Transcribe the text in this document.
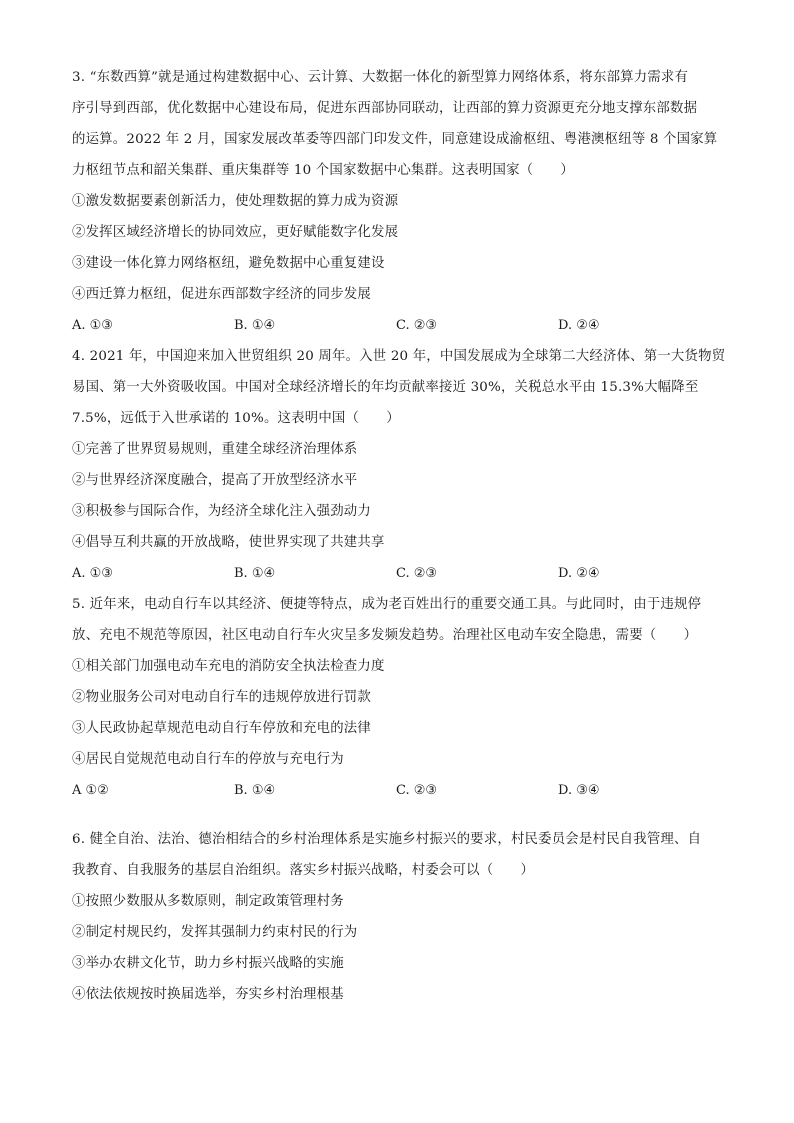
3. “东数西算”就是通过构建数据中心、云计算、大数据一体化的新型算力网络体系，将东部算力需求有
序引导到西部，优化数据中心建设布局，促进东西部协同联动，让西部的算力资源更充分地支撑东部数据
的运算。2022 年 2 月，国家发展改革委等四部门印发文件，同意建设成渝枢纽、粤港澳枢纽等 8 个国家算
力枢纽节点和韶关集群、重庆集群等 10 个国家数据中心集群。这表明国家（　　）
①激发数据要素创新活力，使处理数据的算力成为资源
②发挥区域经济增长的协同效应，更好赋能数字化发展
③建设一体化算力网络枢纽，避免数据中心重复建设
④西迁算力枢纽，促进东西部数字经济的同步发展
A. ①③	B. ①④	C. ②③	D. ②④
4. 2021 年，中国迎来加入世贸组织 20 周年。入世 20 年，中国发展成为全球第二大经济体、第一大货物贸
易国、第一大外资吸收国。中国对全球经济增长的年均贡献率接近 30%，关税总水平由 15.3%大幅降至
7.5%，远低于入世承诺的 10%。这表明中国（　　）
①完善了世界贸易规则，重建全球经济治理体系
②与世界经济深度融合，提高了开放型经济水平
③积极参与国际合作，为经济全球化注入强劲动力
④倡导互利共赢的开放战略，使世界实现了共建共享
A. ①③	B. ①④	C. ②③	D. ②④
5. 近年来，电动自行车以其经济、便捷等特点，成为老百姓出行的重要交通工具。与此同时，由于违规停
放、充电不规范等原因，社区电动自行车火灾呈多发频发趋势。治理社区电动车安全隐患，需要（　　）
①相关部门加强电动车充电的消防安全执法检查力度
②物业服务公司对电动自行车的违规停放进行罚款
③人民政协起草规范电动自行车停放和充电的法律
④居民自觉规范电动自行车的停放与充电行为
A ①②	B. ①④	C. ②③	D. ③④
6. 健全自治、法治、德治相结合的乡村治理体系是实施乡村振兴的要求，村民委员会是村民自我管理、自
我教育、自我服务的基层自治组织。落实乡村振兴战略，村委会可以（　　）
①按照少数服从多数原则，制定政策管理村务
②制定村规民约，发挥其强制力约束村民的行为
③举办农耕文化节，助力乡村振兴战略的实施
④依法依规按时换届选举，夯实乡村治理根基
